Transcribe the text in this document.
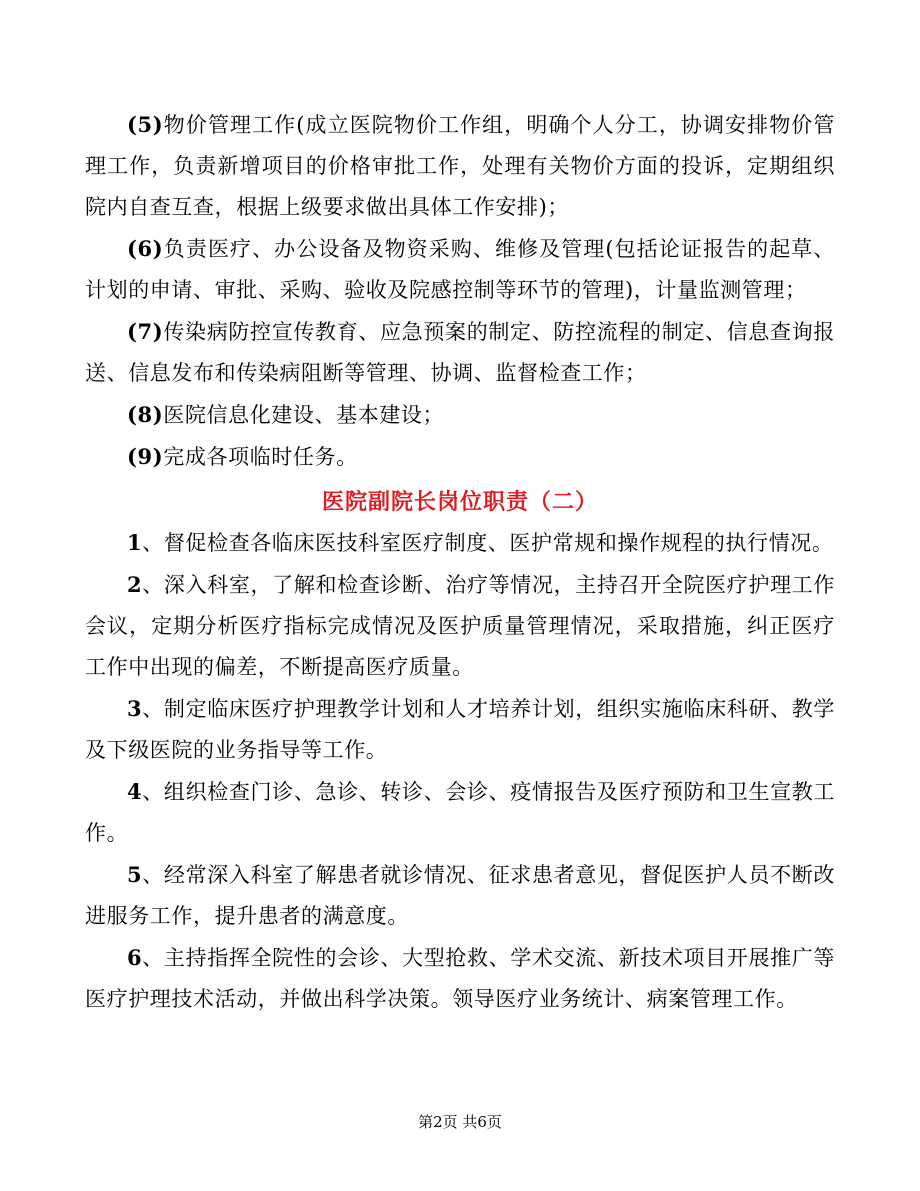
(5)物价管理工作(成立医院物价工作组，明确个人分工，协调安排物价管理工作，负责新增项目的价格审批工作，处理有关物价方面的投诉，定期组织院内自查互查，根据上级要求做出具体工作安排)；

(6)负责医疗、办公设备及物资采购、维修及管理(包括论证报告的起草、计划的申请、审批、采购、验收及院感控制等环节的管理)，计量监测管理；

(7)传染病防控宣传教育、应急预案的制定、防控流程的制定、信息查询报送、信息发布和传染病阻断等管理、协调、监督检查工作；

(8)医院信息化建设、基本建设；

(9)完成各项临时任务。

医院副院长岗位职责（二）

1、督促检查各临床医技科室医疗制度、医护常规和操作规程的执行情况。

2、深入科室，了解和检查诊断、治疗等情况，主持召开全院医疗护理工作会议，定期分析医疗指标完成情况及医护质量管理情况，采取措施，纠正医疗工作中出现的偏差，不断提高医疗质量。

3、制定临床医疗护理教学计划和人才培养计划，组织实施临床科研、教学及下级医院的业务指导等工作。

4、组织检查门诊、急诊、转诊、会诊、疫情报告及医疗预防和卫生宣教工作。

5、经常深入科室了解患者就诊情况、征求患者意见，督促医护人员不断改进服务工作，提升患者的满意度。

6、主持指挥全院性的会诊、大型抢救、学术交流、新技术项目开展推广等医疗护理技术活动，并做出科学决策。领导医疗业务统计、病案管理工作。

第2页 共6页
